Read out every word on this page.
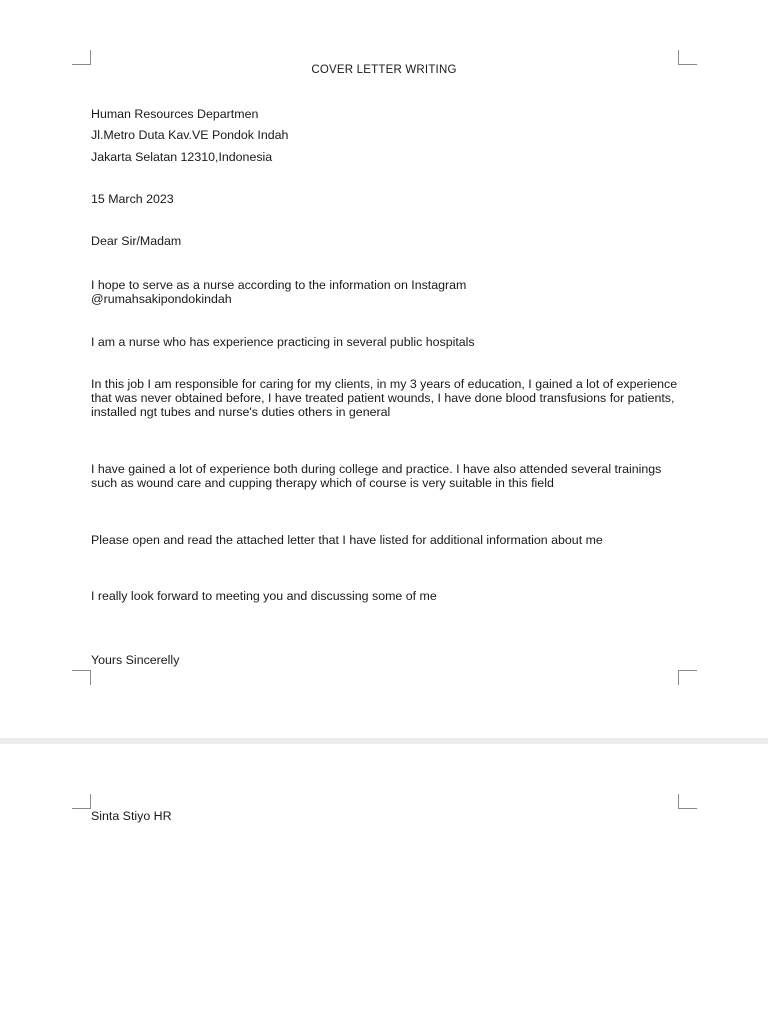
COVER LETTER WRITING

Human Resources Departmen

Jl.Metro Duta Kav.VE Pondok Indah

Jakarta Selatan 12310,Indonesia

15 March 2023

Dear Sir/Madam

I hope to serve as a nurse according to the information on Instagram @rumahsakipondokindah

I am a nurse who has experience practicing in several public hospitals

In this job I am responsible for caring for my clients, in my 3 years of education, I gained a lot of experience that was never obtained before, I have treated patient wounds, I have done blood transfusions for patients, installed ngt tubes and nurse's duties others in general

I have gained a lot of experience both during college and practice. I have also attended several trainings such as wound care and cupping therapy which of course is very suitable in this field

Please open and read the attached letter that I have listed for additional information about me

I really look forward to meeting you and discussing some of me

Yours Sincerelly

Sinta Stiyo HR
